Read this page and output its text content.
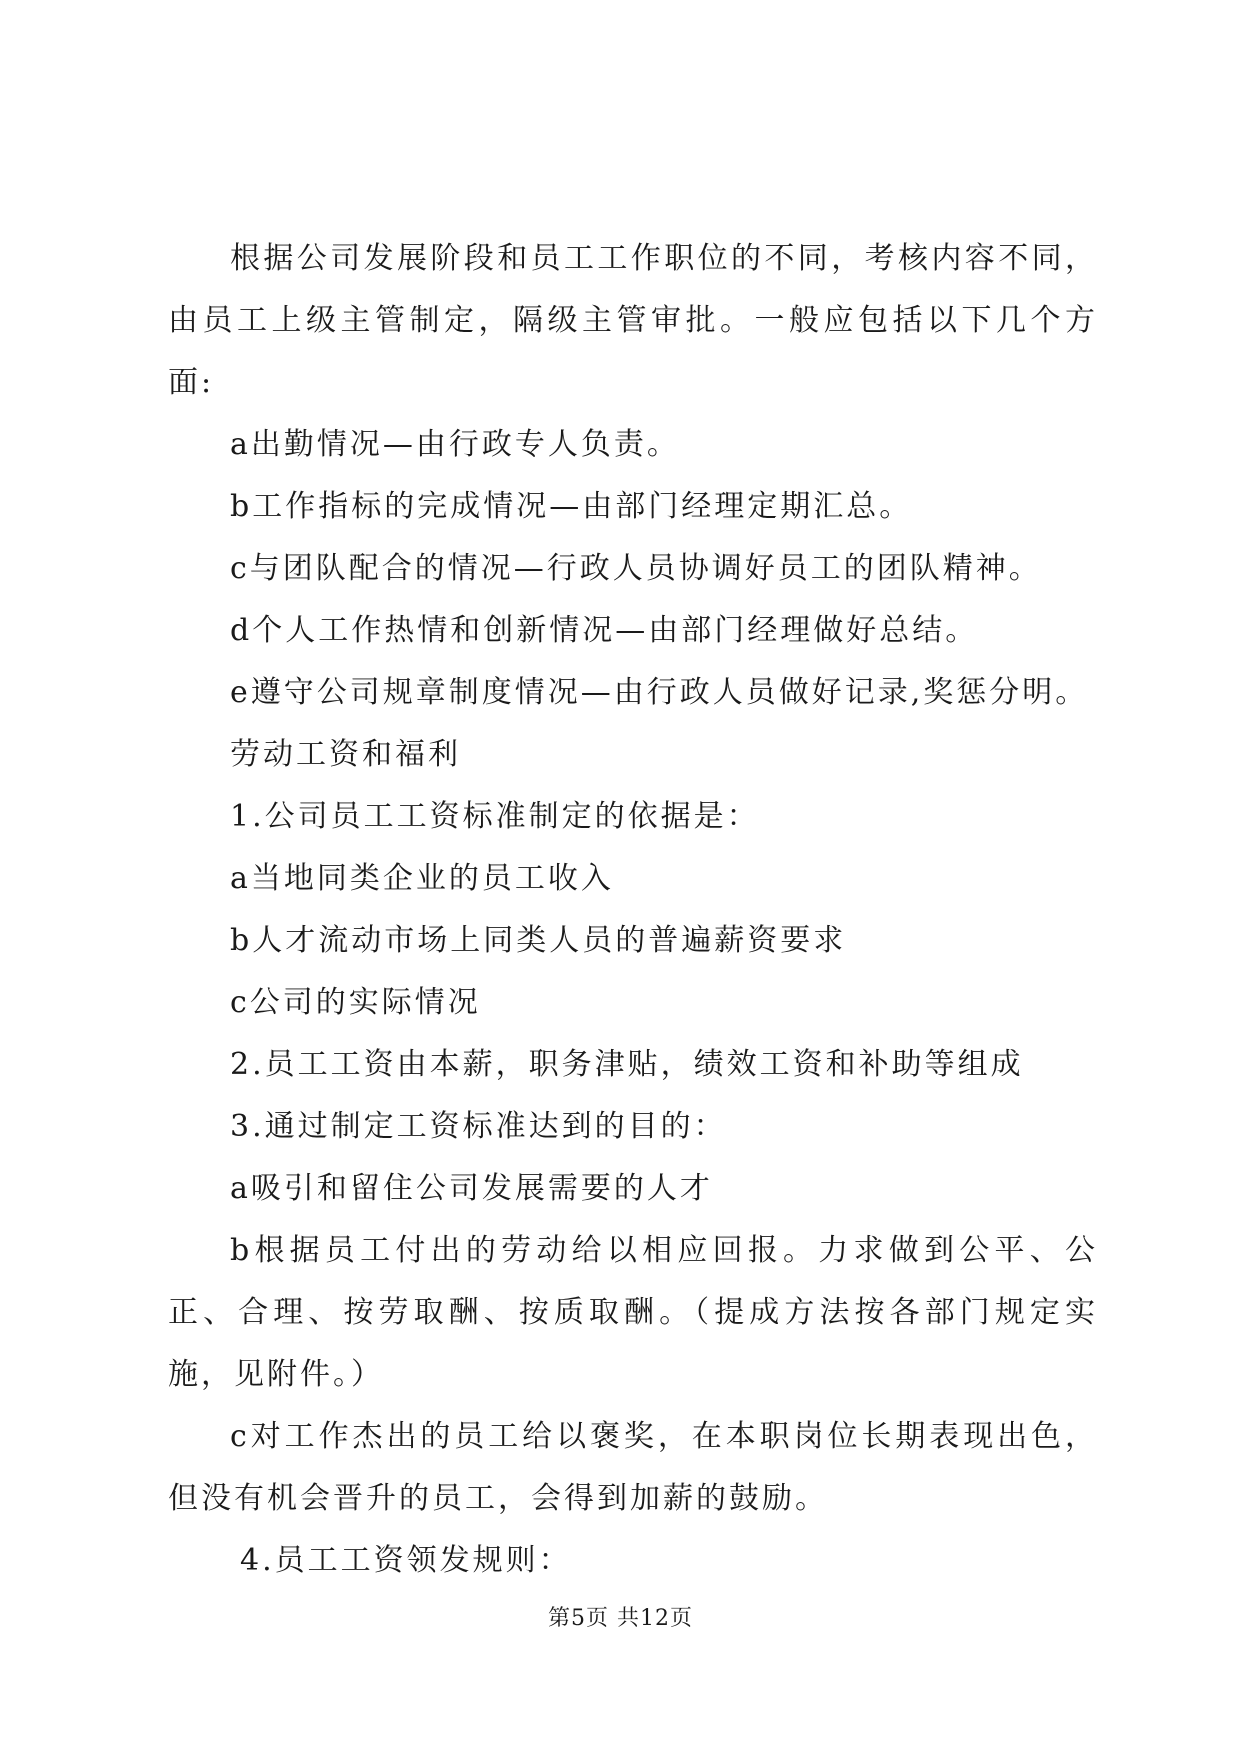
根据公司发展阶段和员工工作职位的不同，考核内容不同，由员工上级主管制定，隔级主管审批。一般应包括以下几个方面:

a出勤情况—由行政专人负责。

b工作指标的完成情况—由部门经理定期汇总。

c与团队配合的情况—行政人员协调好员工的团队精神。

d个人工作热情和创新情况—由部门经理做好总结。

e遵守公司规章制度情况—由行政人员做好记录,奖惩分明。

劳动工资和福利

1.公司员工工资标准制定的依据是：

a当地同类企业的员工收入

b人才流动市场上同类人员的普遍薪资要求

c公司的实际情况

2.员工工资由本薪，职务津贴，绩效工资和补助等组成

3.通过制定工资标准达到的目的：

a吸引和留住公司发展需要的人才

b根据员工付出的劳动给以相应回报。力求做到公平、公正、合理、按劳取酬、按质取酬。（提成方法按各部门规定实施，见附件。）

c对工作杰出的员工给以褒奖，在本职岗位长期表现出色，但没有机会晋升的员工，会得到加薪的鼓励。

4.员工工资领发规则：

第5页 共12页
